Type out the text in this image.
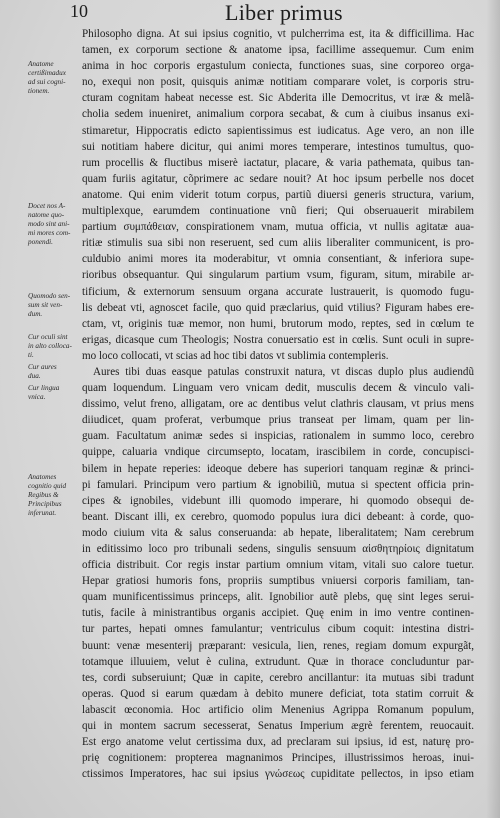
10	Liber primus
Anatome
certißimadux
ad sui cogni-
tionem.
Docet nos A-
natome quo-
modo sint ani-
mi mores com-
ponendi.
Quomodo sen-
sum sit ven-
dum.
Cur oculi sint
in alto colloca-
ti.
Cur aures
dua.
Cur lingua
vnica.
Anatomes
cognitio quid
Regibus &
Principibus
inferunat.
Philosopho digna. At sui ipsius cognitio, vt pulcherrima est, ita & difficillima. Hac
tamen, ex corporum sectione & anatome ipsa, facillime assequemur. Cum enim
anima in hoc corporis ergastulum coniecta, functiones suas, sine corporeo orga-
no, exequi non posit, quisquis animæ notitiam comparare volet, is corporis stru-
cturam cognitam habeat necesse est. Sic Abderita ille Democritus, vt iræ & melã-
cholia sedem inueniret, animalium corpora secabat, & cum à ciuibus insanus exi-
stimaretur, Hippocratis edicto sapientissimus est iudicatus. Age vero, an non ille
sui notitiam habere dicitur, qui animi mores temperare, intestinos tumultus, quo-
rum procellis & fluctibus miserè iactatur, placare, & varia pathemata, quibus tan-
quam furiis agitatur, cõprimere ac sedare nouit? At hoc ipsum perbelle nos docet
anatome. Qui enim viderit totum corpus, partiũ diuersi generis structura, varium,
multiplexque, earumdem continuatione vnũ fieri; Qui obseruauerit mirabilem
partium συμπάθειαν, conspirationem vnam, mutua officia, vt nullis agitatæ aua-
ritiæ stimulis sua sibi non reseruent, sed cum aliis liberaliter communicent, is pro-
culdubio animi mores ita moderabitur, vt omnia consentiant, & inferiora supe-
rioribus obsequantur. Qui singularum partium vsum, figuram, situm, mirabile ar-
tificium, & externorum sensuum organa accurate lustrauerit, is quomodo fugu-
lis debeat vti, agnoscet facile, quo quid præclarius, quid vtilius? Figuram habes ere-
ctam, vt, originis tuæ memor, non humi, brutorum modo, reptes, sed in cœlum te
erigas, dicasque cum Theologis; Nostra conuersatio est in cœlis. Sunt oculi in supre-
mo loco collocati, vt scias ad hoc tibi datos vt sublimia contempleris.
Aures tibi duas easque patulas construxit natura, vt discas duplo plus audiendũ
quam loquendum. Linguam vero vnicam dedit, musculis decem & vinculo vali-
dissimo, velut freno, alligatam, ore ac dentibus velut clathris clausam, vt prius mens
diiudicet, quam proferat, verbumque prius transeat per limam, quam per lin-
guam. Facultatum animæ sedes si inspicias, rationalem in summo loco, cerebro
quippe, caluaria vndique circumsepto, locatam, irascibilem in corde, concupisci-
bilem in hepate reperies: ideoque debere has superiori tanquam reginæ & princi-
pi famulari. Principum vero partium & ignobiliũ, mutua si spectent officia prin-
cipes & ignobiles, videbunt illi quomodo imperare, hi quomodo obsequi de-
beant. Discant illi, ex cerebro, quomodo populus iura dici debeant: à corde, quo-
modo ciuium vita & salus conseruanda: ab hepate, liberalitatem; Nam cerebrum
in editissimo loco pro tribunali sedens, singulis sensuum αἰσθητηρίοις dignitatum
officia distribuit. Cor regis instar partium omnium vitam, vitali suo calore tuetur.
Hepar gratiosi humoris fons, propriis sumptibus vniuersi corporis familiam, tan-
quam munificentissimus princeps, alit. Ignobilior autẽ plebs, quę sint leges serui-
tutis, facile à ministrantibus organis accipiet. Quę enim in imo ventre continen-
tur partes, hepati omnes famulantur; ventriculus cibum coquit: intestina distri-
buunt: venæ mesenterij præparant: vesicula, lien, renes, regiam domum expurgãt,
totamque illuuiem, velut è culina, extrudunt. Quæ in thorace concluduntur par-
tes, cordi subseruiunt; Quæ in capite, cerebro ancillantur: ita mutuas sibi tradunt
operas. Quod si earum quædam à debito munere deficiat, tota statim corruit &
labascit œconomia. Hoc artificio olim Menenius Agrippa Romanum populum,
qui in montem sacrum secesserat, Senatus Imperium ægrè ferentem, reuocauit.
Est ergo anatome velut certissima dux, ad preclaram sui ipsius, id est, naturę pro-
prię cognitionem: propterea magnanimos Principes, illustrissimos heroas, inui-
ctissimos Imperatores, hac sui ipsius γνώσεως cupiditate pellectos, in ipso etiam
